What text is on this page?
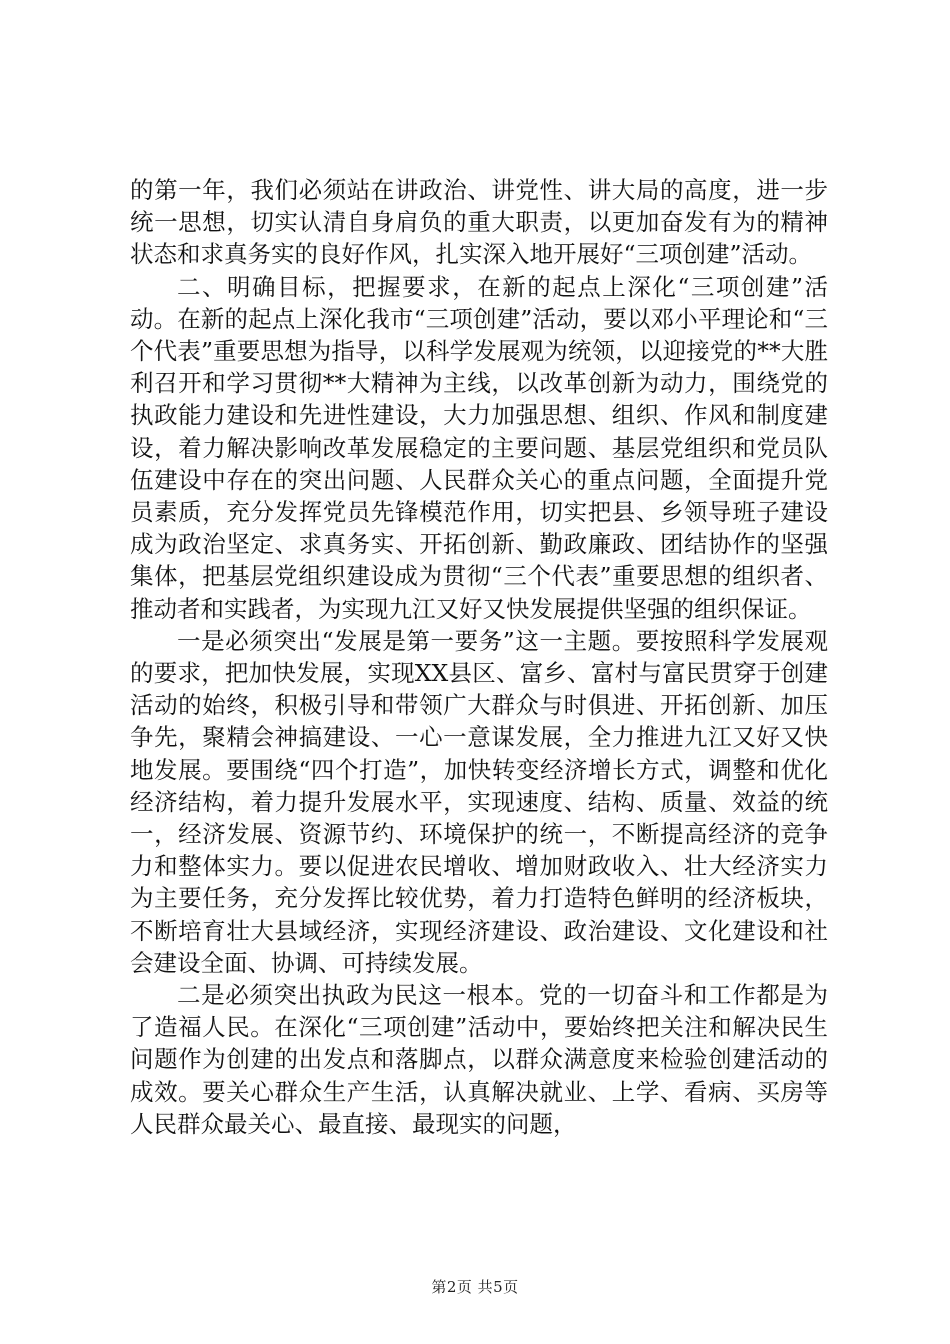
的第一年，我们必须站在讲政治、讲党性、讲大局的高度，进一步统一思想，切实认清自身肩负的重大职责，以更加奋发有为的精神状态和求真务实的良好作风，扎实深入地开展好“三项创建”活动。

二、明确目标，把握要求，在新的起点上深化“三项创建”活动。在新的起点上深化我市“三项创建”活动，要以邓小平理论和“三个代表”重要思想为指导，以科学发展观为统领，以迎接党的**大胜利召开和学习贯彻**大精神为主线，以改革创新为动力，围绕党的执政能力建设和先进性建设，大力加强思想、组织、作风和制度建设，着力解决影响改革发展稳定的主要问题、基层党组织和党员队伍建设中存在的突出问题、人民群众关心的重点问题，全面提升党员素质，充分发挥党员先锋模范作用，切实把县、乡领导班子建设成为政治坚定、求真务实、开拓创新、勤政廉政、团结协作的坚强集体，把基层党组织建设成为贯彻“三个代表”重要思想的组织者、推动者和实践者，为实现九江又好又快发展提供坚强的组织保证。

一是必须突出“发展是第一要务”这一主题。要按照科学发展观的要求，把加快发展，实现XX县区、富乡、富村与富民贯穿于创建活动的始终，积极引导和带领广大群众与时俱进、开拓创新、加压争先，聚精会神搞建设、一心一意谋发展，全力推进九江又好又快地发展。要围绕“四个打造”，加快转变经济增长方式，调整和优化经济结构，着力提升发展水平，实现速度、结构、质量、效益的统一，经济发展、资源节约、环境保护的统一，不断提高经济的竞争力和整体实力。要以促进农民增收、增加财政收入、壮大经济实力为主要任务，充分发挥比较优势，着力打造特色鲜明的经济板块，不断培育壮大县域经济，实现经济建设、政治建设、文化建设和社会建设全面、协调、可持续发展。

二是必须突出执政为民这一根本。党的一切奋斗和工作都是为了造福人民。在深化“三项创建”活动中，要始终把关注和解决民生问题作为创建的出发点和落脚点，以群众满意度来检验创建活动的成效。要关心群众生产生活，认真解决就业、上学、看病、买房等人民群众最关心、最直接、最现实的问题，

第2页 共5页
